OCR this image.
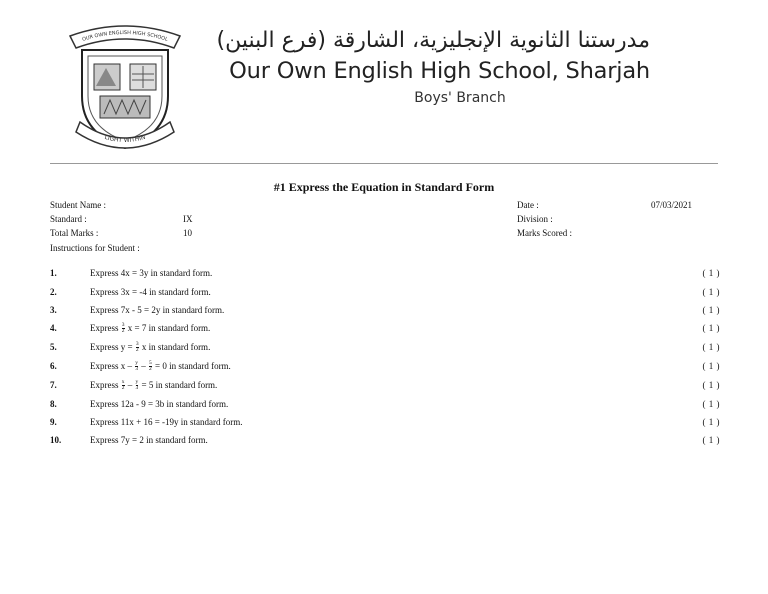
OUR OWN ENGLISH HIGH SCHOOL
LIGHT WITHIN
مدرستنا الثانوية الإنجليزية، الشارقة (فرع البنين)
Our Own English High School, Sharjah
Boys' Branch
#1 Express the Equation in Standard Form
Student Name :
Standard :	IX
Total Marks :	10
Instructions for Student :
Date :	07/03/2021
Division :
Marks Scored :
1.	Express 4x = 3y in standard form.	( 1 )
2.	Express 3x = -4 in standard form.	( 1 )
3.	Express 7x - 5 = 2y in standard form.	( 1 )
4.	Express $\frac{3}{2}$ x = 7 in standard form.	( 1 )
5.	Express $y = \frac{3}{2}$ x in standard form.	( 1 )
6.	Express $x - \frac{y}{3} - \frac{5}{2} = 0$ in standard form.	( 1 )
7.	Express $\frac{x}{2} - \frac{y}{3} = 5$ in standard form.	( 1 )
8.	Express 12a - 9 = 3b in standard form.	( 1 )
9.	Express 11x + 16 = -19y in standard form.	( 1 )
10.	Express 7y = 2 in standard form.	( 1 )
